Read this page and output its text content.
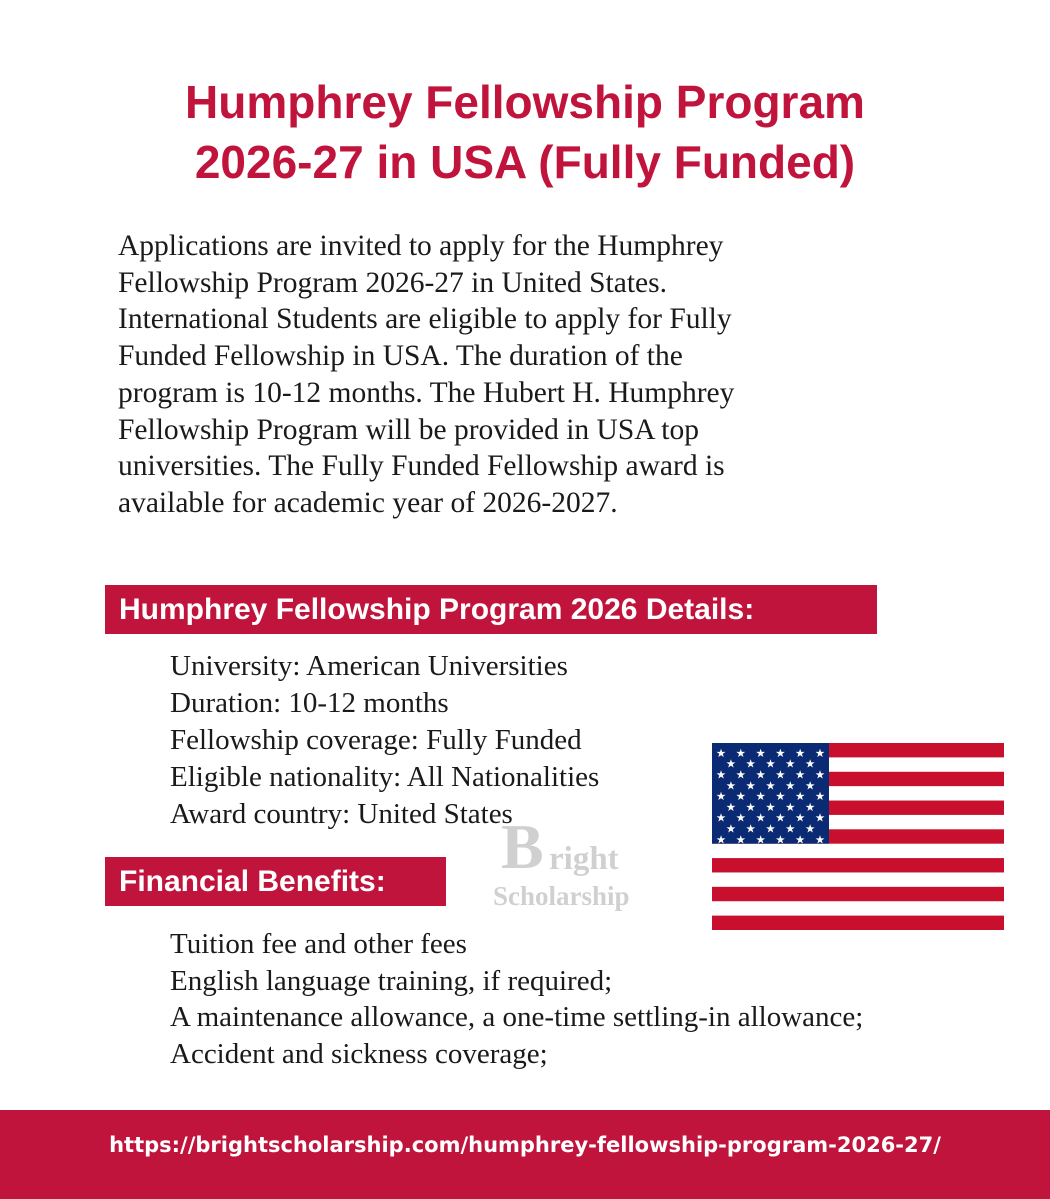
Humphrey Fellowship Program
2026-27 in USA (Fully Funded)
Applications are invited to apply for the Humphrey
Fellowship Program 2026-27 in United States.
International Students are eligible to apply for Fully
Funded Fellowship in USA. The duration of the
program is 10-12 months. The Hubert H. Humphrey
Fellowship Program will be provided in USA top
universities. The Fully Funded Fellowship award is
available for academic year of 2026-2027.
Humphrey Fellowship Program 2026 Details:
University: American Universities
Duration: 10-12 months
Fellowship coverage: Fully Funded
Eligible nationality: All Nationalities
Award country: United States
B right
Scholarship
Financial Benefits:
Tuition fee and other fees
English language training, if required;
A maintenance allowance, a one-time settling-in allowance; Accident and sickness coverage;
★ ★ ★ ★ ★ ★
★ ★ ★ ★ ★
★ ★ ★ ★ ★ ★
★ ★ ★ ★ ★
★ ★ ★ ★ ★ ★
★ ★ ★ ★ ★
★ ★ ★ ★ ★ ★
★ ★ ★ ★ ★
★ ★ ★ ★ ★ ★
https://brightscholarship.com/humphrey-fellowship-program-2026-27/
